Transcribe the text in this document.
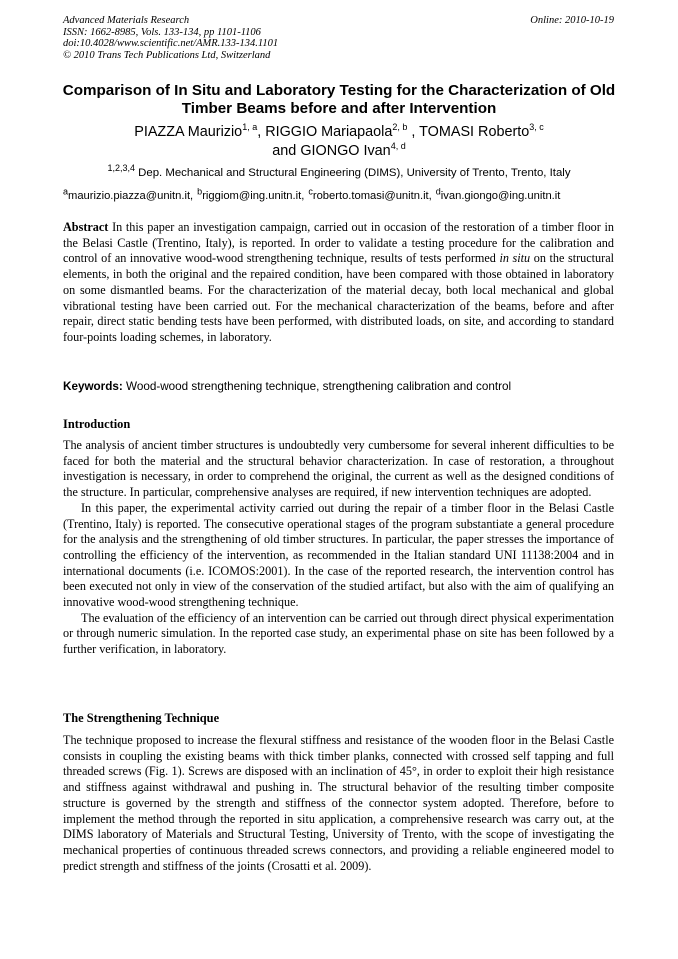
Advanced Materials Research
ISSN: 1662-8985, Vols. 133-134, pp 1101-1106
doi:10.4028/www.scientific.net/AMR.133-134.1101
© 2010 Trans Tech Publications Ltd, Switzerland
Online: 2010-10-19
Comparison of In Situ and Laboratory Testing for the Characterization of Old Timber Beams before and after Intervention
PIAZZA Maurizio$^{1, a}$, RIGGIO Mariapaola$^{2, b}$ , TOMASI Roberto$^{3, c}$
and GIONGO Ivan$^{4, d}$
$^{1,2,3,4}$ Dep. Mechanical and Structural Engineering (DIMS), University of Trento, Trento, Italy
$^a$maurizio.piazza@unitn.it, $^b$riggiom@ing.unitn.it, $^c$roberto.tomasi@unitn.it, $^d$ivan.giongo@ing.unitn.it
Abstract In this paper an investigation campaign, carried out in occasion of the restoration of a timber floor in the Belasi Castle (Trentino, Italy), is reported. In order to validate a testing procedure for the calibration and control of an innovative wood-wood strengthening technique, results of tests performed in situ on the structural elements, in both the original and the repaired condition, have been compared with those obtained in laboratory on some dismantled beams. For the characterization of the material decay, both local mechanical and global vibrational testing have been carried out. For the mechanical characterization of the beams, before and after repair, direct static bending tests have been performed, with distributed loads, on site, and according to standard four-points loading schemes, in laboratory.
Keywords: Wood-wood strengthening technique, strengthening calibration and control
Introduction

The analysis of ancient timber structures is undoubtedly very cumbersome for several inherent difficulties to be faced for both the material and the structural behavior characterization. In case of restoration, a throughout investigation is necessary, in order to comprehend the original, the current as well as the designed conditions of the structure. In particular, comprehensive analyses are required, if new intervention techniques are adopted.

In this paper, the experimental activity carried out during the repair of a timber floor in the Belasi Castle (Trentino, Italy) is reported. The consecutive operational stages of the program substantiate a general procedure for the analysis and the strengthening of old timber structures. In particular, the paper stresses the importance of controlling the efficiency of the intervention, as recommended in the Italian standard UNI 11138:2004 and in international documents (i.e. ICOMOS:2001). In the case of the reported research, the intervention control has been executed not only in view of the conservation of the studied artifact, but also with the aim of qualifying an innovative wood-wood strengthening technique.

The evaluation of the efficiency of an intervention can be carried out through direct physical experimentation or through numeric simulation. In the reported case study, an experimental phase on site has been followed by a further verification, in laboratory.

The Strengthening Technique

The technique proposed to increase the flexural stiffness and resistance of the wooden floor in the Belasi Castle consists in coupling the existing beams with thick timber planks, connected with crossed self tapping and full threaded screws (Fig. 1). Screws are disposed with an inclination of 45°, in order to exploit their high resistance and stiffness against withdrawal and pushing in. The structural behavior of the resulting timber composite structure is governed by the strength and stiffness of the connector system adopted. Therefore, before to implement the method through the reported in situ application, a comprehensive research was carry out, at the DIMS laboratory of Materials and Structural Testing, University of Trento, with the scope of investigating the mechanical properties of continuous threaded screws connectors, and providing a reliable engineered model to predict strength and stiffness of the joints (Crosatti et al. 2009).
